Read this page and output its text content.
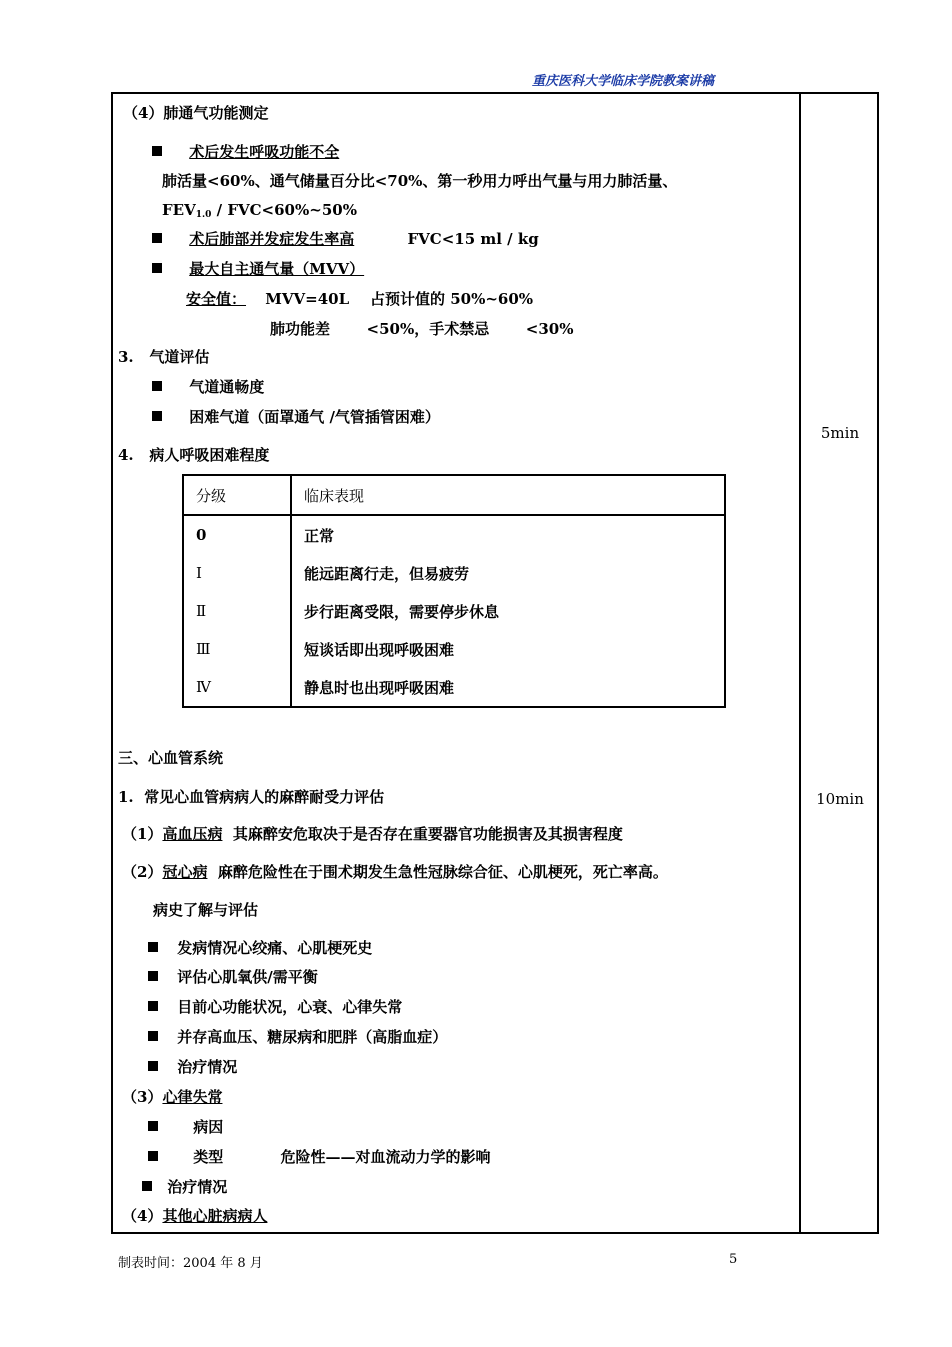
重庆医科大学临床学院教案讲稿
（4）肺通气功能测定
术后发生呼吸功能不全
肺活量<60%、通气储量百分比<70%、第一秒用力呼出气量与用力肺活量、
$FEV_{1.0}$ / FVC<60%~50%
术后肺部并发症发生率高	FVC<15 ml / kg
最大自主通气量（MVV）
安全值： MVV=40L    占预计值的 50%~60%
肺功能差       <50%，手术禁忌       <30%
3.   气道评估
气道通畅度
困难气道（面罩通气 /气管插管困难）
5min
4.   病人呼吸困难程度
分级	临床表现
0	正常
Ⅰ	能远距离行走，但易疲劳
Ⅱ	步行距离受限，需要停步休息
Ⅲ	短谈话即出现呼吸困难
Ⅳ	静息时也出现呼吸困难
三、心血管系统
1.  常见心血管病病人的麻醉耐受力评估	10min
（1）高血压病  其麻醉安危取决于是否存在重要器官功能损害及其损害程度
（2）冠心病  麻醉危险性在于围术期发生急性冠脉综合征、心肌梗死，死亡率高。
病史了解与评估
发病情况心绞痛、心肌梗死史
评估心肌氧供/需平衡
目前心功能状况，心衰、心律失常
并存高血压、糖尿病和肥胖（高脂血症）
治疗情况
（3）心律失常
病因
类型	危险性——对血流动力学的影响
治疗情况
（4）其他心脏病病人
制表时间：2004 年 8 月	5
